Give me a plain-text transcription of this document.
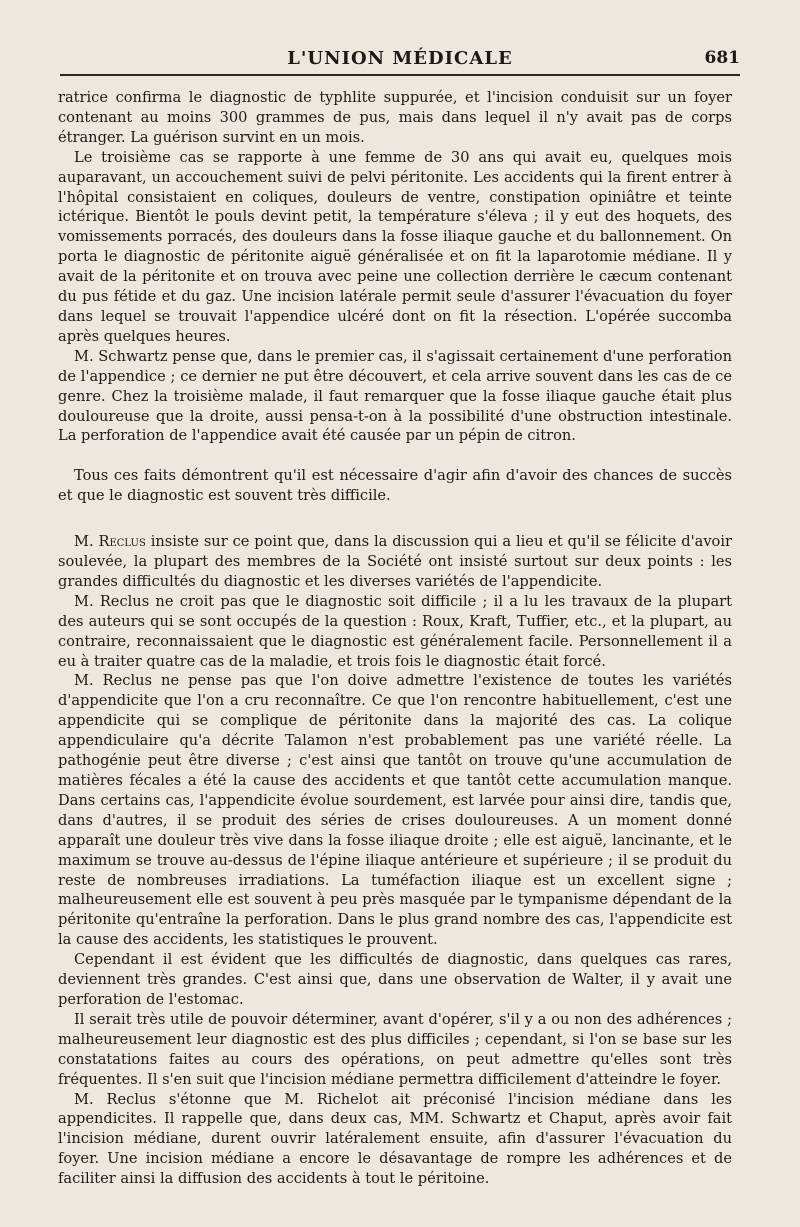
L'UNION MÉDICALE	681

ratrice confirma le diagnostic de typhlite suppurée, et l'incision conduisit sur un foyer contenant au moins 300 grammes de pus, mais dans lequel il n'y avait pas de corps étranger. La guérison survint en un mois.

Le troisième cas se rapporte à une femme de 30 ans qui avait eu, quelques mois auparavant, un accouchement suivi de pelvi péritonite. Les accidents qui la firent entrer à l'hôpital consistaient en coliques, douleurs de ventre, constipation opiniâtre et teinte ictérique. Bientôt le pouls devint petit, la température s'éleva ; il y eut des hoquets, des vomissements porracés, des douleurs dans la fosse iliaque gauche et du ballonnement. On porta le diagnostic de péritonite aiguë généralisée et on fit la laparotomie médiane. Il y avait de la péritonite et on trouva avec peine une collection derrière le cæcum contenant du pus fétide et du gaz. Une incision latérale permit seule d'assurer l'évacuation du foyer dans lequel se trouvait l'appendice ulcéré dont on fit la résection. L'opérée succomba après quelques heures.

M. Schwartz pense que, dans le premier cas, il s'agissait certainement d'une perforation de l'appendice ; ce dernier ne put être découvert, et cela arrive souvent dans les cas de ce genre. Chez la troisième malade, il faut remarquer que la fosse iliaque gauche était plus douloureuse que la droite, aussi pensa-t-on à la possibilité d'une obstruction intestinale. La perforation de l'appendice avait été causée par un pépin de citron.

Tous ces faits démontrent qu'il est nécessaire d'agir afin d'avoir des chances de succès et que le diagnostic est souvent très difficile.

M. Reclus insiste sur ce point que, dans la discussion qui a lieu et qu'il se félicite d'avoir soulevée, la plupart des membres de la Société ont insisté surtout sur deux points : les grandes difficultés du diagnostic et les diverses variétés de l'appendicite.

M. Reclus ne croit pas que le diagnostic soit difficile ; il a lu les travaux de la plupart des auteurs qui se sont occupés de la question : Roux, Kraft, Tuffier, etc., et la plupart, au contraire, reconnaissaient que le diagnostic est généralement facile. Personnellement il a eu à traiter quatre cas de la maladie, et trois fois le diagnostic était forcé.

M. Reclus ne pense pas que l'on doive admettre l'existence de toutes les variétés d'appendicite que l'on a cru reconnaître. Ce que l'on rencontre habituellement, c'est une appendicite qui se complique de péritonite dans la majorité des cas. La colique appendiculaire qu'a décrite Talamon n'est probablement pas une variété réelle. La pathogénie peut être diverse ; c'est ainsi que tantôt on trouve qu'une accumulation de matières fécales a été la cause des accidents et que tantôt cette accumulation manque. Dans certains cas, l'appendicite évolue sourdement, est larvée pour ainsi dire, tandis que, dans d'autres, il se produit des séries de crises douloureuses. A un moment donné apparaît une douleur très vive dans la fosse iliaque droite ; elle est aiguë, lancinante, et le maximum se trouve au-dessus de l'épine iliaque antérieure et supérieure ; il se produit du reste de nombreuses irradiations. La tuméfaction iliaque est un excellent signe ; malheureusement elle est souvent à peu près masquée par le tympanisme dépendant de la péritonite qu'entraîne la perforation. Dans le plus grand nombre des cas, l'appendicite est la cause des accidents, les statistiques le prouvent.

Cependant il est évident que les difficultés de diagnostic, dans quelques cas rares, deviennent très grandes. C'est ainsi que, dans une observation de Walter, il y avait une perforation de l'estomac.

Il serait très utile de pouvoir déterminer, avant d'opérer, s'il y a ou non des adhérences ; malheureusement leur diagnostic est des plus difficiles ; cependant, si l'on se base sur les constatations faites au cours des opérations, on peut admettre qu'elles sont très fréquentes. Il s'en suit que l'incision médiane permettra difficilement d'atteindre le foyer.

M. Reclus s'étonne que M. Richelot ait préconisé l'incision médiane dans les appendicites. Il rappelle que, dans deux cas, MM. Schwartz et Chaput, après avoir fait l'incision médiane, durent ouvrir latéralement ensuite, afin d'assurer l'évacuation du foyer. Une incision médiane a encore le désavantage de rompre les adhérences et de faciliter ainsi la diffusion des accidents à tout le péritoine.
